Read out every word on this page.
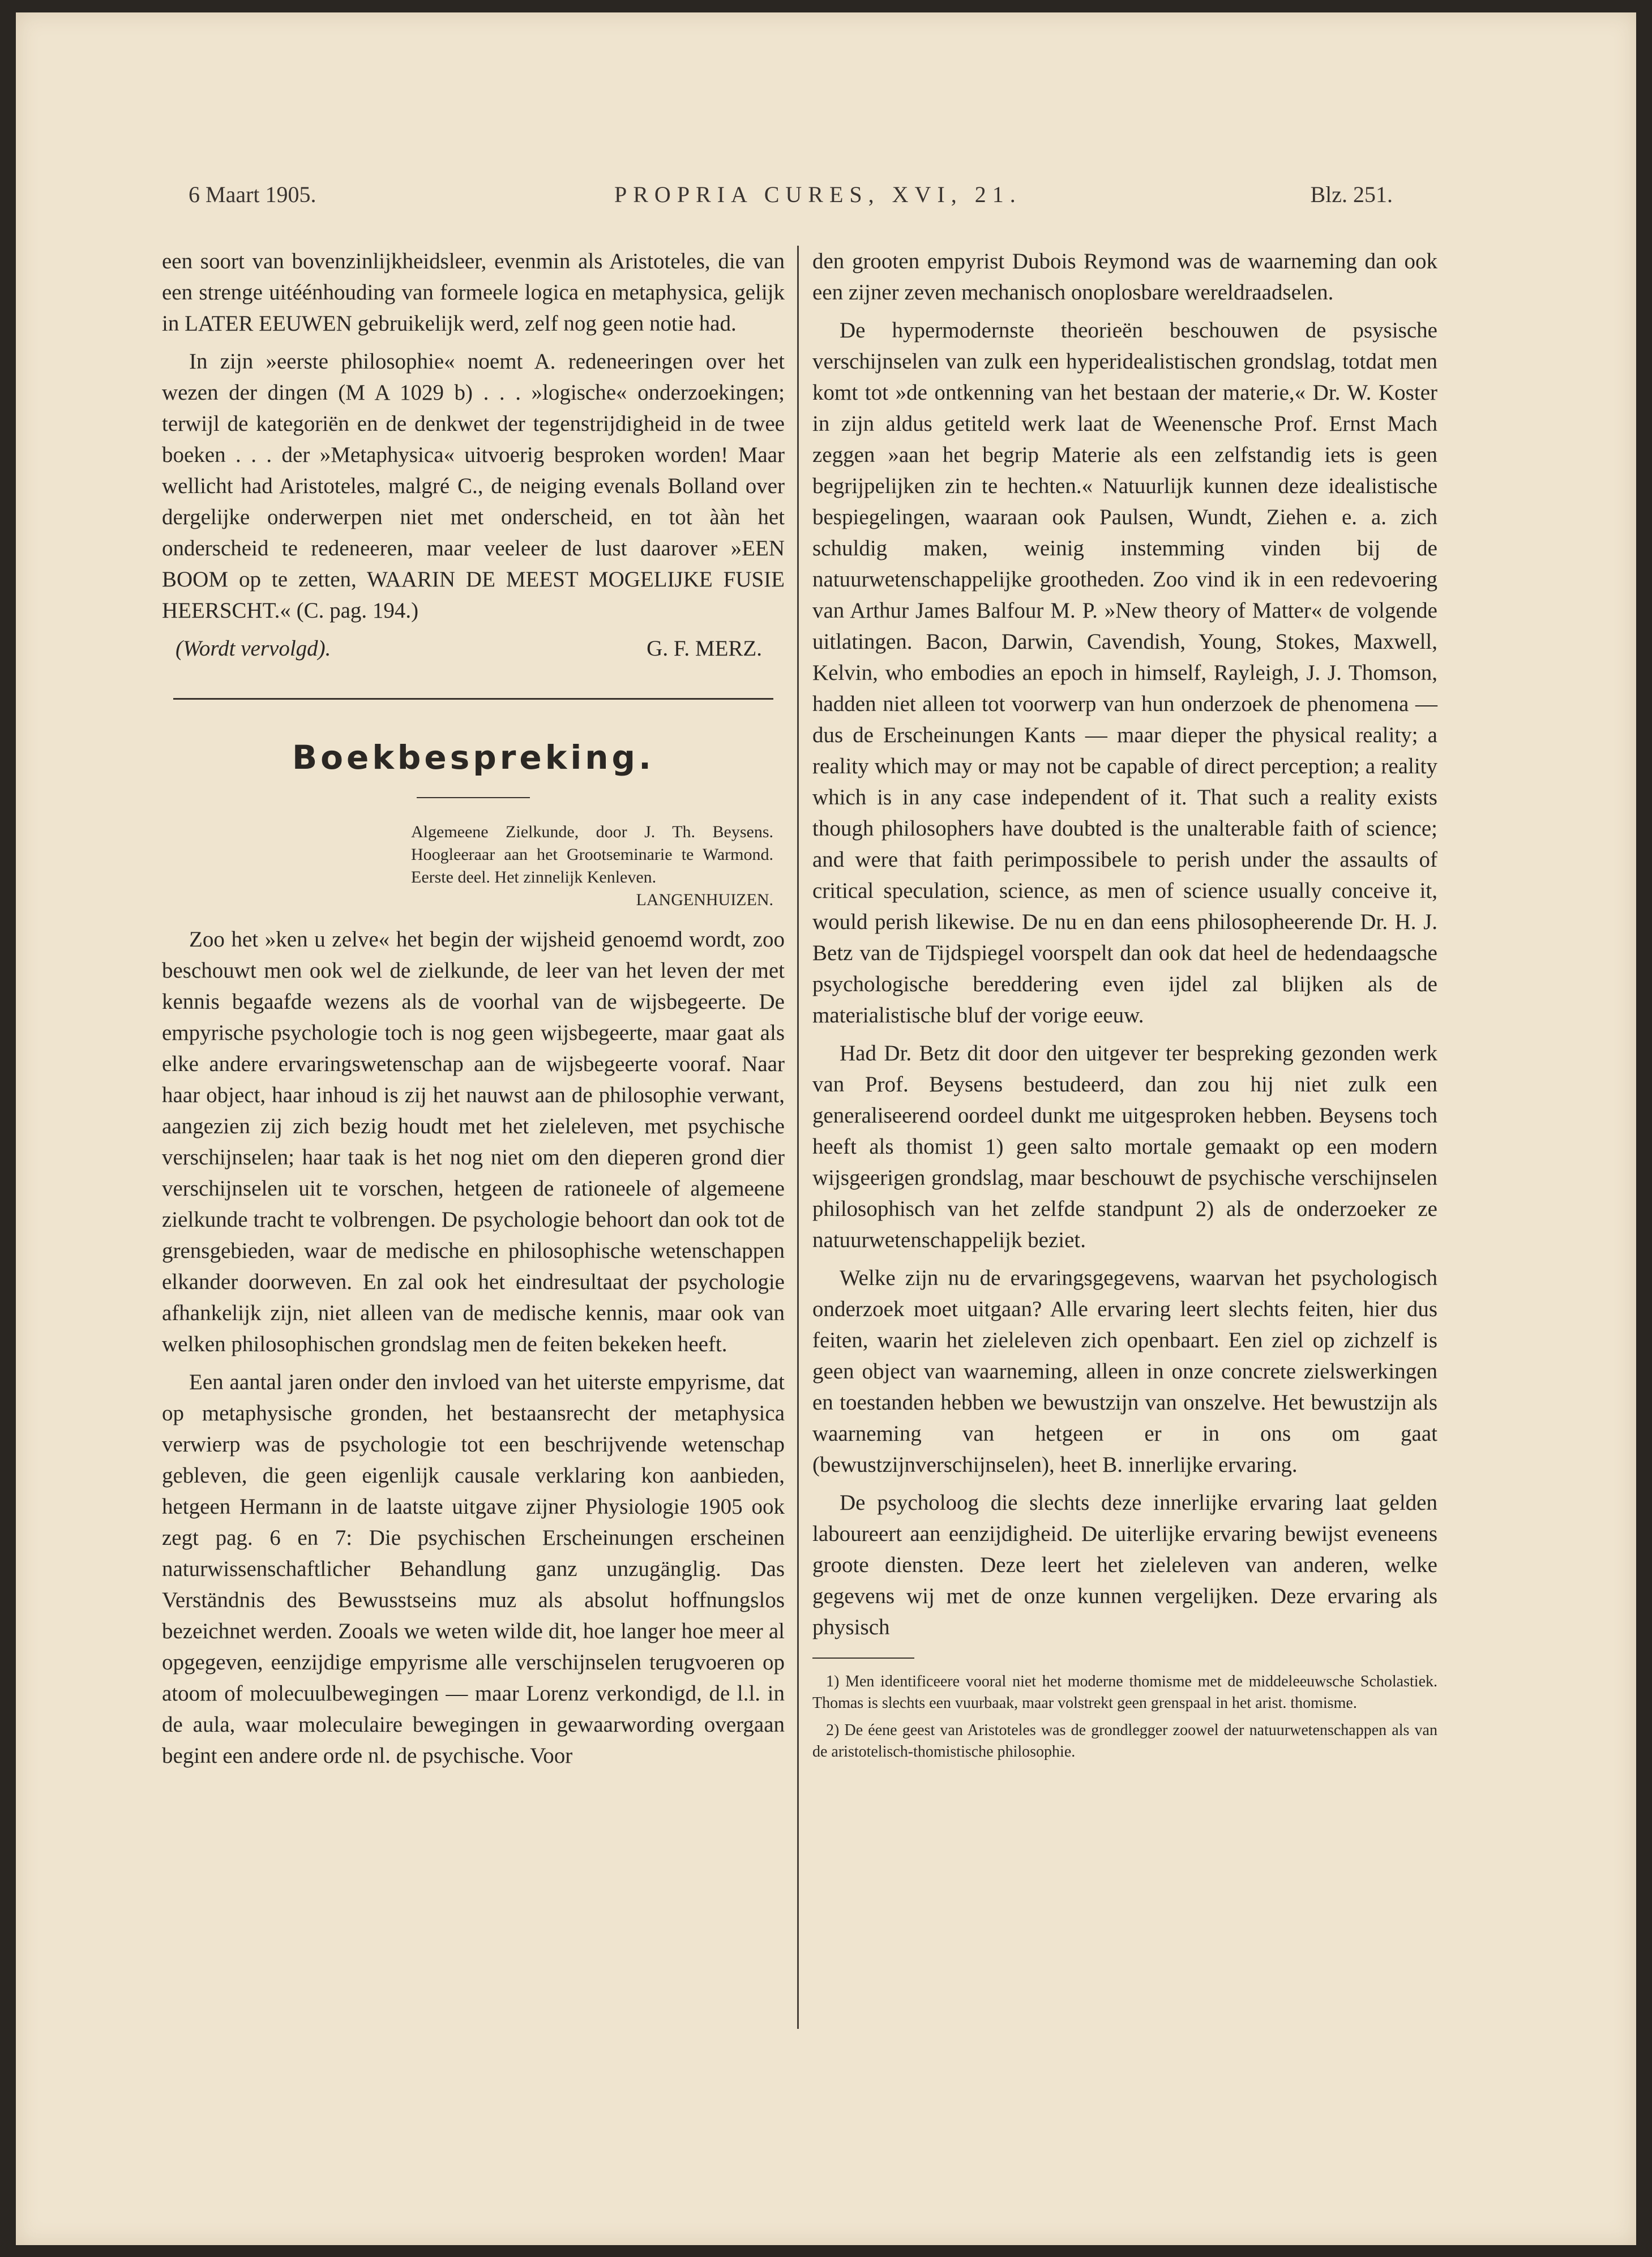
6 Maart 1905.	PROPRIA CURES, XVI, 21.	Blz. 251.

een soort van bovenzinlijkheidsleer, evenmin als Aristoteles, die van een strenge uitéénhouding van formeele logica en metaphysica, gelijk in LATER EEUWEN gebruikelijk werd, zelf nog geen notie had.

In zijn »eerste philosophie« noemt A. redeneeringen over het wezen der dingen (M A 1029 b) . . . »logische« onderzoekingen; terwijl de kategoriën en de denkwet der tegenstrijdigheid in de twee boeken . . . der »Metaphysica« uitvoerig besproken worden! Maar wellicht had Aristoteles, malgré C., de neiging evenals Bolland over dergelijke onderwerpen niet met onderscheid, en tot ààn het onderscheid te redeneeren, maar veeleer de lust daarover »EEN BOOM op te zetten, WAARIN DE MEEST MOGELIJKE FUSIE HEERSCHT.« (C. pag. 194.)

(Wordt vervolgd).	G. F. MERZ.
Boekbespreking.
Algemeene Zielkunde, door J. Th. Beysens. Hoogleeraar aan het Grootseminarie te Warmond. Eerste deel. Het zinnelijk Kenleven.
LANGENHUIZEN.

Zoo het »ken u zelve« het begin der wijsheid genoemd wordt, zoo beschouwt men ook wel de zielkunde, de leer van het leven der met kennis begaafde wezens als de voorhal van de wijsbegeerte. De empyrische psychologie toch is nog geen wijsbegeerte, maar gaat als elke andere ervaringswetenschap aan de wijsbegeerte vooraf. Naar haar object, haar inhoud is zij het nauwst aan de philosophie verwant, aangezien zij zich bezig houdt met het zieleleven, met psychische verschijnselen; haar taak is het nog niet om den dieperen grond dier verschijnselen uit te vorschen, hetgeen de rationeele of algemeene zielkunde tracht te volbrengen. De psychologie behoort dan ook tot de grensgebieden, waar de medische en philosophische wetenschappen elkander doorweven. En zal ook het eindresultaat der psychologie afhankelijk zijn, niet alleen van de medische kennis, maar ook van welken philosophischen grondslag men de feiten bekeken heeft.

Een aantal jaren onder den invloed van het uiterste empyrisme, dat op metaphysische gronden, het bestaansrecht der metaphysica verwierp was de psychologie tot een beschrijvende wetenschap gebleven, die geen eigenlijk causale verklaring kon aanbieden, hetgeen Hermann in de laatste uitgave zijner Physiologie 1905 ook zegt pag. 6 en 7: Die psychischen Erscheinungen erscheinen naturwissenschaftlicher Behandlung ganz unzugänglig. Das Verständnis des Bewusstseins muz als absolut hoffnungslos bezeichnet werden. Zooals we weten wilde dit, hoe langer hoe meer al opgegeven, eenzijdige empyrisme alle verschijnselen terugvoeren op atoom of molecuulbewegingen — maar Lorenz verkondigd, de l.l. in de aula, waar moleculaire bewegingen in gewaarwording overgaan begint een andere orde nl. de psychische. Voor

den grooten empyrist Dubois Reymond was de waarneming dan ook een zijner zeven mechanisch onoplosbare wereldraadselen.

De hypermodernste theorieën beschouwen de psysische verschijnselen van zulk een hyperidealistischen grondslag, totdat men komt tot »de ontkenning van het bestaan der materie,« Dr. W. Koster in zijn aldus getiteld werk laat de Weenensche Prof. Ernst Mach zeggen »aan het begrip Materie als een zelfstandig iets is geen begrijpelijken zin te hechten.« Natuurlijk kunnen deze idealistische bespiegelingen, waaraan ook Paulsen, Wundt, Ziehen e. a. zich schuldig maken, weinig instemming vinden bij de natuurwetenschappelijke grootheden. Zoo vind ik in een redevoering van Arthur James Balfour M. P. »New theory of Matter« de volgende uitlatingen. Bacon, Darwin, Cavendish, Young, Stokes, Maxwell, Kelvin, who embodies an epoch in himself, Rayleigh, J. J. Thomson, hadden niet alleen tot voorwerp van hun onderzoek de phenomena — dus de Erscheinungen Kants — maar dieper the physical reality; a reality which may or may not be capable of direct perception; a reality which is in any case independent of it. That such a reality exists though philosophers have doubted is the unalterable faith of science; and were that faith perimpossibele to perish under the assaults of critical speculation, science, as men of science usually conceive it, would perish likewise. De nu en dan eens philosopheerende Dr. H. J. Betz van de Tijdspiegel voorspelt dan ook dat heel de hedendaagsche psychologische bereddering even ijdel zal blijken als de materialistische bluf der vorige eeuw.

Had Dr. Betz dit door den uitgever ter bespreking gezonden werk van Prof. Beysens bestudeerd, dan zou hij niet zulk een generaliseerend oordeel dunkt me uitgesproken hebben. Beysens toch heeft als thomist 1) geen salto mortale gemaakt op een modern wijsgeerigen grondslag, maar beschouwt de psychische verschijnselen philosophisch van het zelfde standpunt 2) als de onderzoeker ze natuurwetenschappelijk beziet.

Welke zijn nu de ervaringsgegevens, waarvan het psychologisch onderzoek moet uitgaan? Alle ervaring leert slechts feiten, hier dus feiten, waarin het zieleleven zich openbaart. Een ziel op zichzelf is geen object van waarneming, alleen in onze concrete zielswerkingen en toestanden hebben we bewustzijn van onszelve. Het bewustzijn als waarneming van hetgeen er in ons om gaat (bewustzijnverschijnselen), heet B. innerlijke ervaring.

De psycholoog die slechts deze innerlijke ervaring laat gelden laboureert aan eenzijdigheid. De uiterlijke ervaring bewijst eveneens groote diensten. Deze leert het zieleleven van anderen, welke gegevens wij met de onze kunnen vergelijken. Deze ervaring als physisch

1) Men identificeere vooral niet het moderne thomisme met de middeleeuwsche Scholastiek. Thomas is slechts een vuurbaak, maar volstrekt geen grenspaal in het arist. thomisme.

2) De éene geest van Aristoteles was de grondlegger zoowel der natuurwetenschappen als van de aristotelisch-thomistische philosophie.
